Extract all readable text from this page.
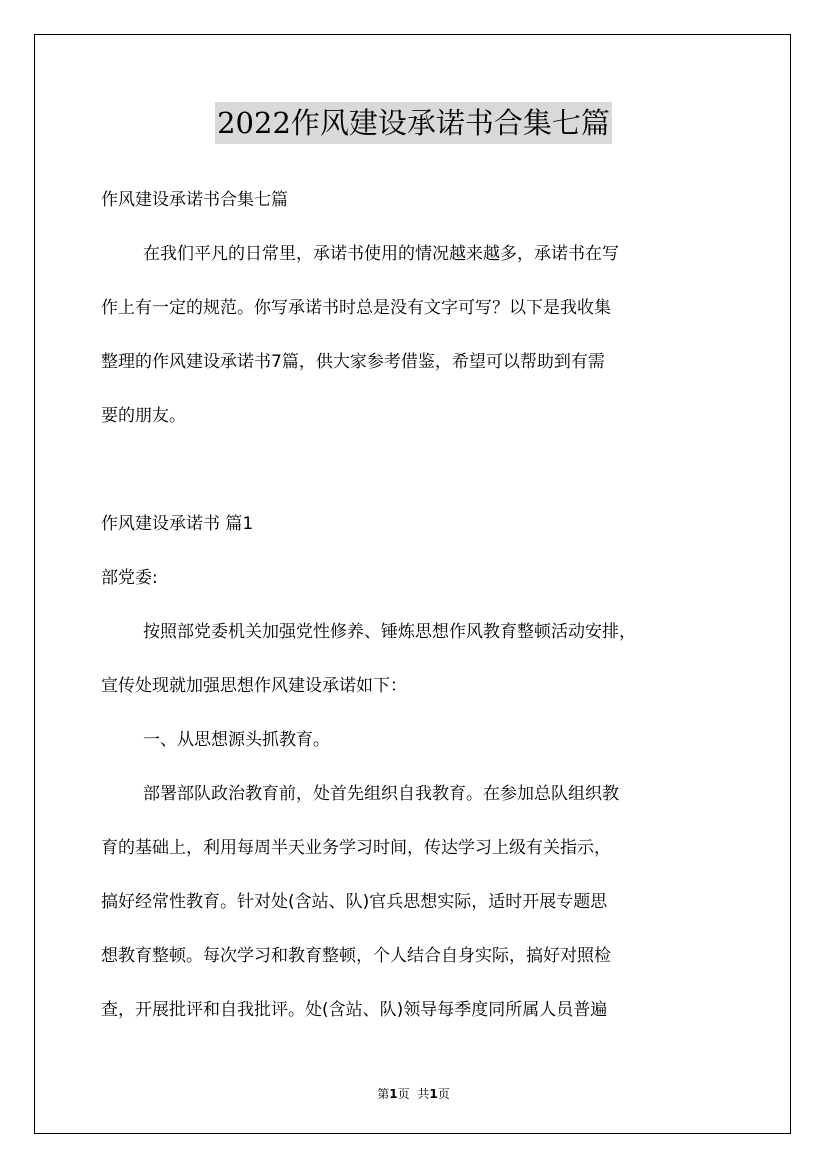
2022作风建设承诺书合集七篇

作风建设承诺书合集七篇

在我们平凡的日常里，承诺书使用的情况越来越多，承诺书在写

作上有一定的规范。你写承诺书时总是没有文字可写？以下是我收集

整理的作风建设承诺书7篇，供大家参考借鉴，希望可以帮助到有需

要的朋友。

作风建设承诺书 篇1

部党委:

按照部党委机关加强党性修养、锤炼思想作风教育整顿活动安排，

宣传处现就加强思想作风建设承诺如下：

一、从思想源头抓教育。

部署部队政治教育前，处首先组织自我教育。在参加总队组织教

育的基础上，利用每周半天业务学习时间，传达学习上级有关指示，

搞好经常性教育。针对处(含站、队)官兵思想实际，适时开展专题思

想教育整顿。每次学习和教育整顿，个人结合自身实际，搞好对照检

查，开展批评和自我批评。处(含站、队)领导每季度同所属人员普遍

第1页 共1页
